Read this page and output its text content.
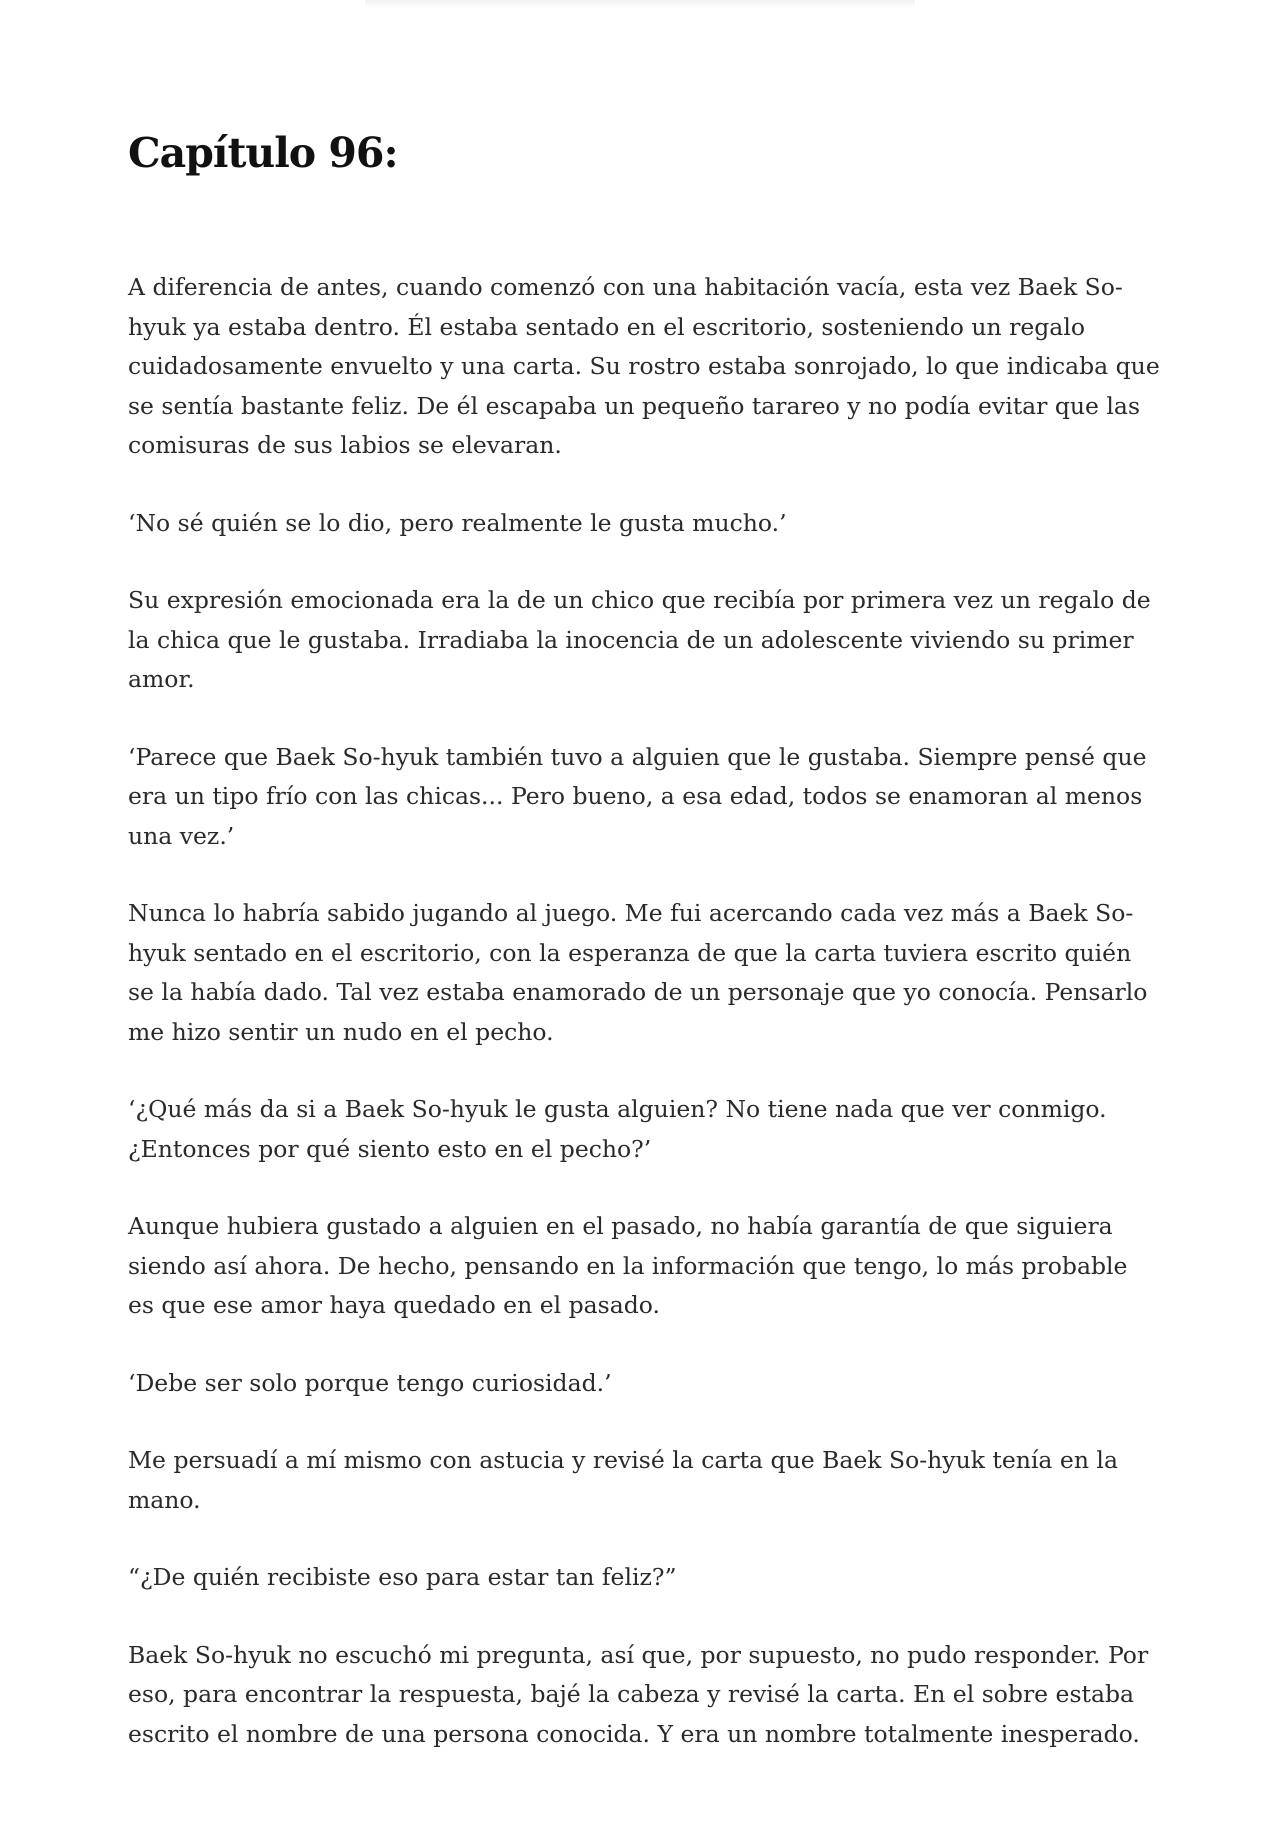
Capítulo 96:

A diferencia de antes, cuando comenzó con una habitación vacía, esta vez Baek So-hyuk ya estaba dentro. Él estaba sentado en el escritorio, sosteniendo un regalo cuidadosamente envuelto y una carta. Su rostro estaba sonrojado, lo que indicaba que se sentía bastante feliz. De él escapaba un pequeño tarareo y no podía evitar que las comisuras de sus labios se elevaran.

‘No sé quién se lo dio, pero realmente le gusta mucho.’

Su expresión emocionada era la de un chico que recibía por primera vez un regalo de la chica que le gustaba. Irradiaba la inocencia de un adolescente viviendo su primer amor.

‘Parece que Baek So-hyuk también tuvo a alguien que le gustaba. Siempre pensé que era un tipo frío con las chicas... Pero bueno, a esa edad, todos se enamoran al menos una vez.’

Nunca lo habría sabido jugando al juego. Me fui acercando cada vez más a Baek So-hyuk sentado en el escritorio, con la esperanza de que la carta tuviera escrito quién se la había dado. Tal vez estaba enamorado de un personaje que yo conocía. Pensarlo me hizo sentir un nudo en el pecho.

‘¿Qué más da si a Baek So-hyuk le gusta alguien? No tiene nada que ver conmigo. ¿Entonces por qué siento esto en el pecho?’

Aunque hubiera gustado a alguien en el pasado, no había garantía de que siguiera siendo así ahora. De hecho, pensando en la información que tengo, lo más probable es que ese amor haya quedado en el pasado.

‘Debe ser solo porque tengo curiosidad.’

Me persuadí a mí mismo con astucia y revisé la carta que Baek So-hyuk tenía en la mano.

“¿De quién recibiste eso para estar tan feliz?”

Baek So-hyuk no escuchó mi pregunta, así que, por supuesto, no pudo responder. Por eso, para encontrar la respuesta, bajé la cabeza y revisé la carta. En el sobre estaba escrito el nombre de una persona conocida. Y era un nombre totalmente inesperado.
